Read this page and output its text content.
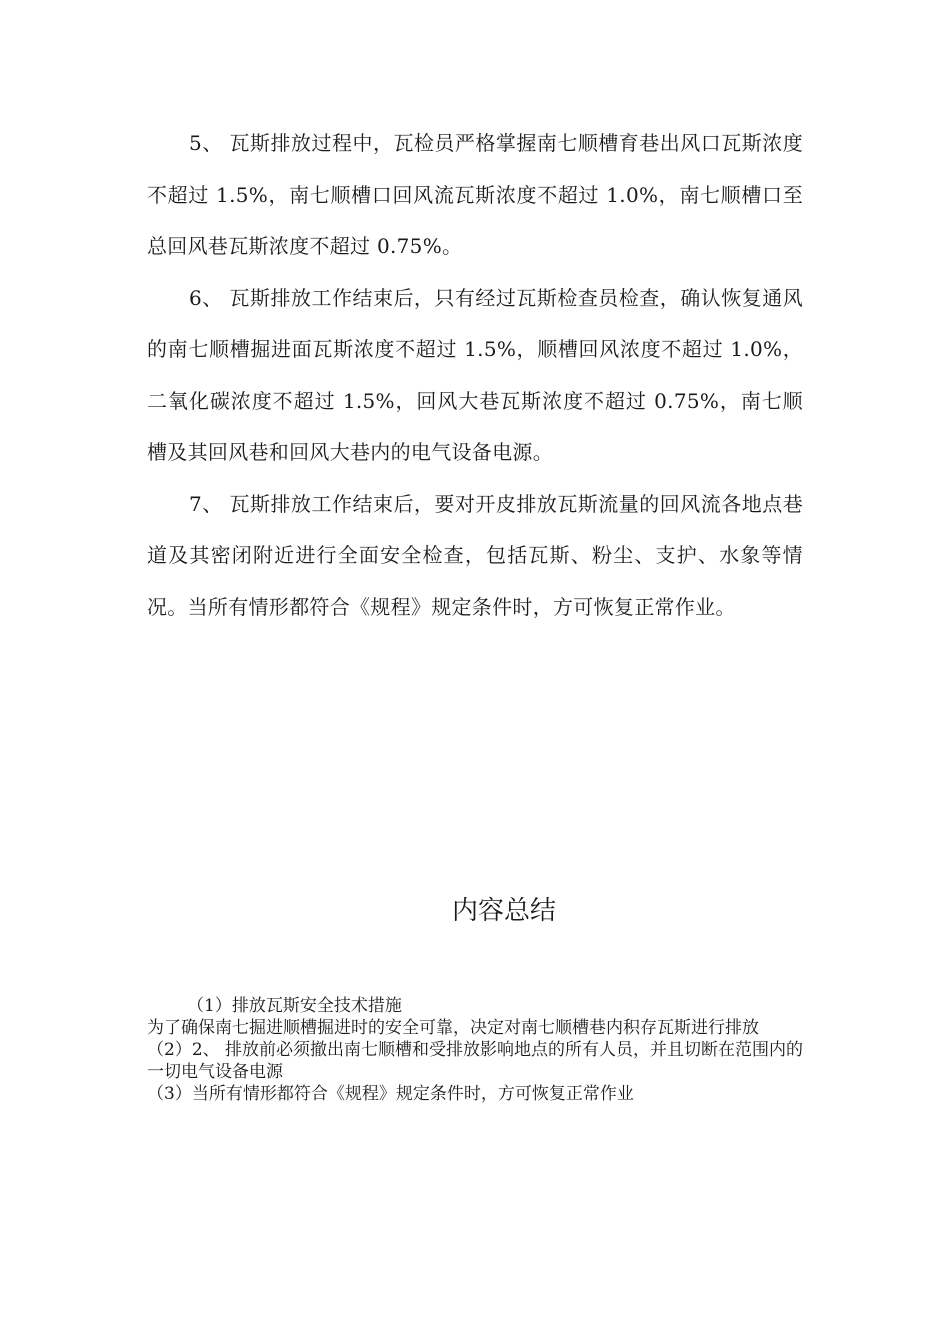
5、 瓦斯排放过程中，瓦检员严格掌握南七顺槽育巷出风口瓦斯浓度不超过 1.5%，南七顺槽口回风流瓦斯浓度不超过 1.0%，南七顺槽口至总回风巷瓦斯浓度不超过 0.75%。

6、 瓦斯排放工作结束后，只有经过瓦斯检查员检查，确认恢复通风的南七顺槽掘进面瓦斯浓度不超过 1.5%，顺槽回风浓度不超过 1.0%，二氧化碳浓度不超过 1.5%，回风大巷瓦斯浓度不超过 0.75%，南七顺槽及其回风巷和回风大巷内的电气设备电源。

7、 瓦斯排放工作结束后，要对开皮排放瓦斯流量的回风流各地点巷道及其密闭附近进行全面安全检查，包括瓦斯、粉尘、支护、水象等情况。当所有情形都符合《规程》规定条件时，方可恢复正常作业。

内容总结
（1）排放瓦斯安全技术措施
为了确保南七掘进顺槽掘进时的安全可靠，决定对南七顺槽巷内积存瓦斯进行排放
（2）2、 排放前必须撤出南七顺槽和受排放影响地点的所有人员，并且切断在范围内的一切电气设备电源
（3）当所有情形都符合《规程》规定条件时，方可恢复正常作业
